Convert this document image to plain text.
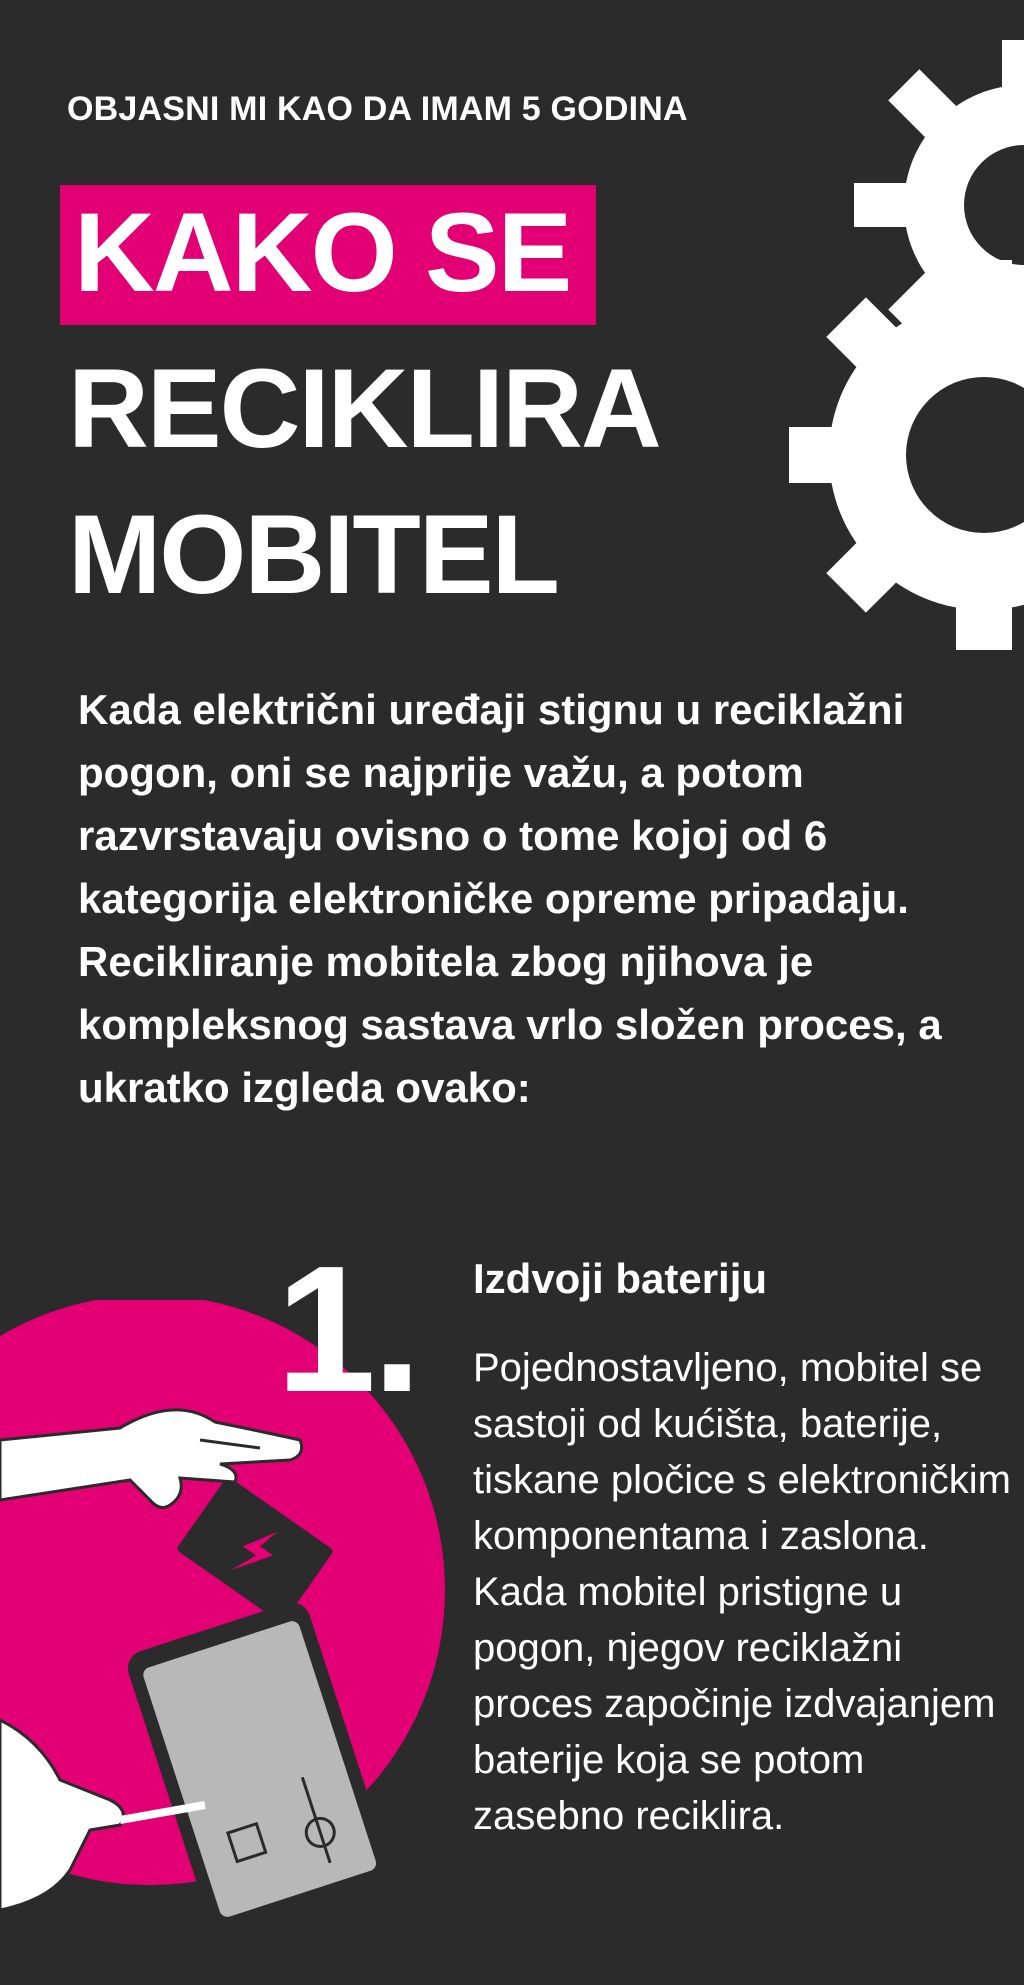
OBJASNI MI KAO DA IMAM 5 GODINA
KAKO SE
RECIKLIRA
MOBITEL
Kada električni uređaji stignu u reciklažni pogon, oni se najprije važu, a potom razvrstavaju ovisno o tome kojoj od 6 kategorija elektroničke opreme pripadaju. Recikliranje mobitela zbog njihova je kompleksnog sastava vrlo složen proces, a ukratko izgleda ovako:
1. Izdvoji bateriju
Pojednostavljeno, mobitel se sastoji od kućišta, baterije, tiskane pločice s elektroničkim komponentama i zaslona. Kada mobitel pristigne u pogon, njegov reciklažni proces započinje izdvajanjem baterije koja se potom zasebno reciklira.
